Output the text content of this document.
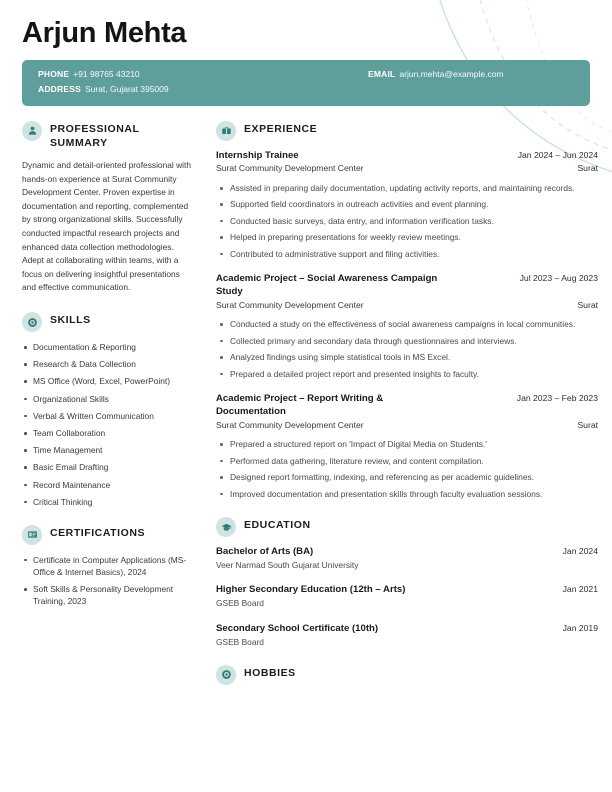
Arjun Mehta
PHONE +91 98765 43210
ADDRESS Surat, Gujarat 395009
EMAIL arjun.mehta@example.com
PROFESSIONAL SUMMARY
Dynamic and detail-oriented professional with hands-on experience at Surat Community Development Center. Proven expertise in documentation and reporting, complemented by strong organizational skills. Successfully conducted impactful research projects and enhanced data collection methodologies. Adept at collaborating within teams, with a focus on delivering insightful presentations and effective communication.
SKILLS
Documentation & Reporting
Research & Data Collection
MS Office (Word, Excel, PowerPoint)
Organizational Skills
Verbal & Written Communication
Team Collaboration
Time Management
Basic Email Drafting
Record Maintenance
Critical Thinking
CERTIFICATIONS
Certificate in Computer Applications (MS-Office & Internet Basics), 2024
Soft Skills & Personality Development Training, 2023
EXPERIENCE
Internship Trainee	Jan 2024 – Jun 2024
Surat Community Development Center	Surat
Assisted in preparing daily documentation, updating activity reports, and maintaining records.
Supported field coordinators in outreach activities and event planning.
Conducted basic surveys, data entry, and information verification tasks.
Helped in preparing presentations for weekly review meetings.
Contributed to administrative support and filing activities.
Academic Project – Social Awareness Campaign Study
Jul 2023 – Aug 2023
Surat Community Development Center	Surat
Conducted a study on the effectiveness of social awareness campaigns in local communities.
Collected primary and secondary data through questionnaires and interviews.
Analyzed findings using simple statistical tools in MS Excel.
Prepared a detailed project report and presented insights to faculty.
Academic Project – Report Writing & Documentation
Jan 2023 – Feb 2023
Surat Community Development Center	Surat
Prepared a structured report on 'Impact of Digital Media on Students.'
Performed data gathering, literature review, and content compilation.
Designed report formatting, indexing, and referencing as per academic guidelines.
Improved documentation and presentation skills through faculty evaluation sessions.
EDUCATION
Bachelor of Arts (BA)	Jan 2024
Veer Narmad South Gujarat University
Higher Secondary Education (12th – Arts)	Jan 2021
GSEB Board
Secondary School Certificate (10th)	Jan 2019
GSEB Board
HOBBIES
